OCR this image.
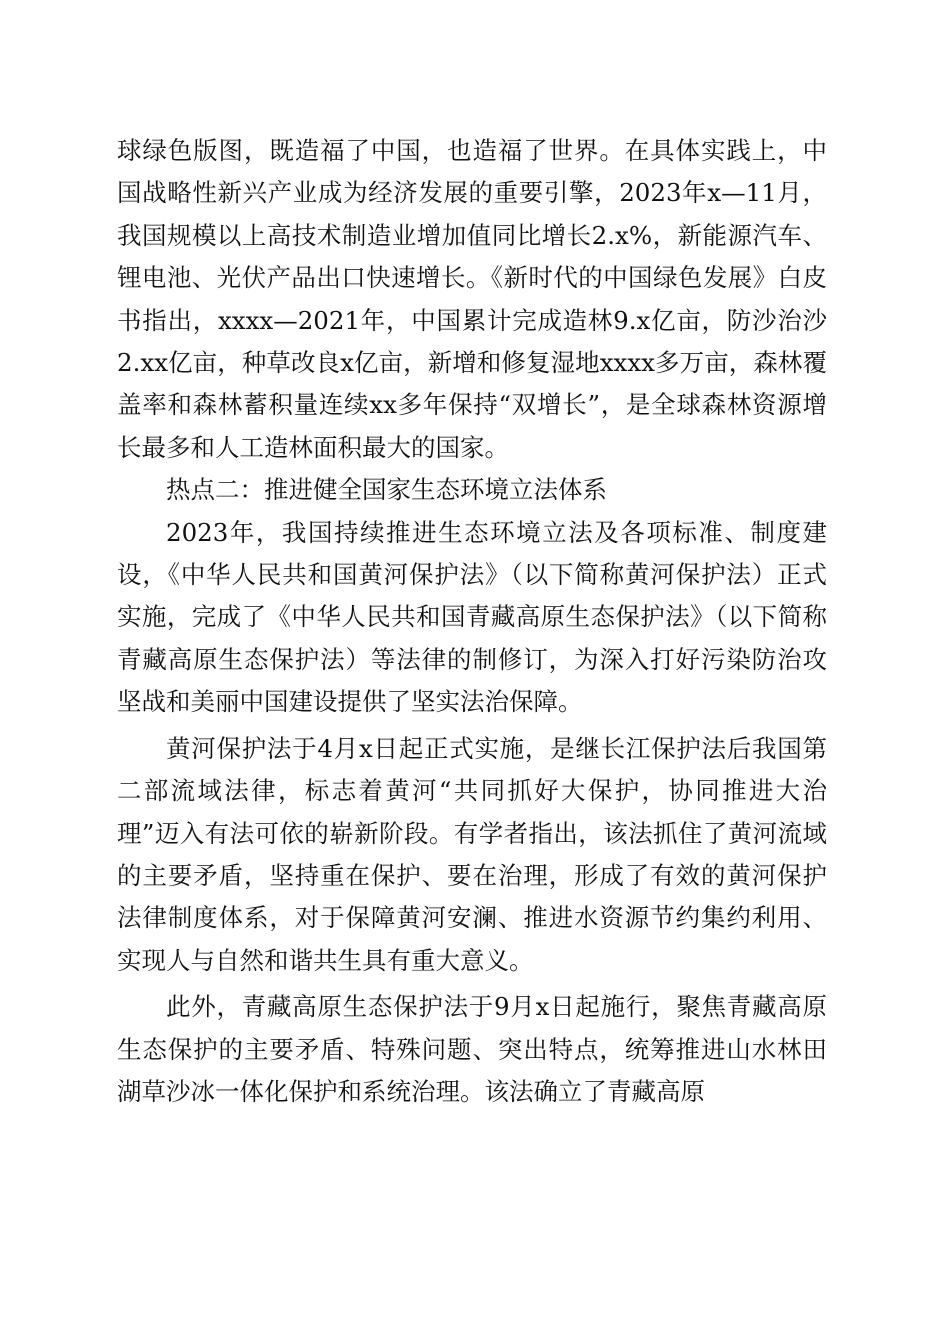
球绿色版图，既造福了中国，也造福了世界。在具体实践上，中国战略性新兴产业成为经济发展的重要引擎，2023年x—11月，我国规模以上高技术制造业增加值同比增长2.x%，新能源汽车、锂电池、光伏产品出口快速增长。《新时代的中国绿色发展》白皮书指出，xxxx—2021年，中国累计完成造林9.x亿亩，防沙治沙2.xx亿亩，种草改良x亿亩，新增和修复湿地xxxx多万亩，森林覆盖率和森林蓄积量连续xx多年保持“双增长”，是全球森林资源增长最多和人工造林面积最大的国家。

热点二：推进健全国家生态环境立法体系

2023年，我国持续推进生态环境立法及各项标准、制度建设，《中华人民共和国黄河保护法》（以下简称黄河保护法）正式实施，完成了《中华人民共和国青藏高原生态保护法》（以下简称青藏高原生态保护法）等法律的制修订，为深入打好污染防治攻坚战和美丽中国建设提供了坚实法治保障。

黄河保护法于4月x日起正式实施，是继长江保护法后我国第二部流域法律，标志着黄河“共同抓好大保护，协同推进大治理”迈入有法可依的崭新阶段。有学者指出，该法抓住了黄河流域的主要矛盾，坚持重在保护、要在治理，形成了有效的黄河保护法律制度体系，对于保障黄河安澜、推进水资源节约集约利用、实现人与自然和谐共生具有重大意义。

此外，青藏高原生态保护法于9月x日起施行，聚焦青藏高原生态保护的主要矛盾、特殊问题、突出特点，统筹推进山水林田湖草沙冰一体化保护和系统治理。该法确立了青藏高原
